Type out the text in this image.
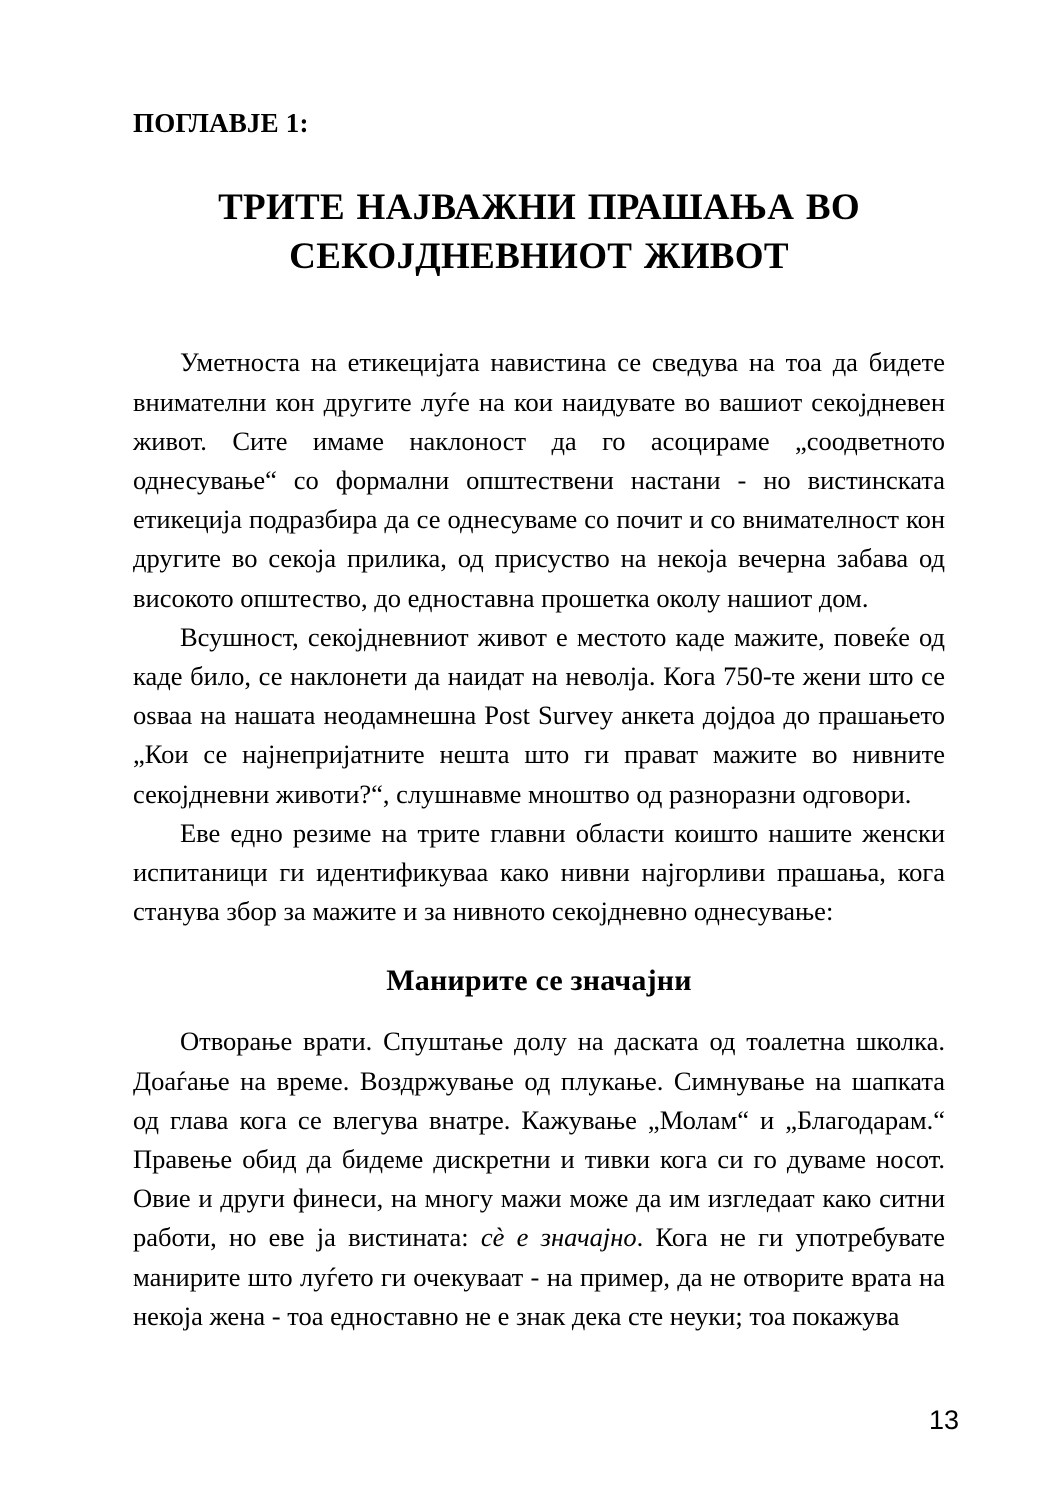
ПОГЛАВЈЕ 1:
ТРИТЕ НАЈВАЖНИ ПРАШАЊА ВО
СЕКОЈДНЕВНИОТ ЖИВОТ

Уметноста на етикецијата навистина се сведува на тоа да бидете внимателни кон другите луѓе на кои наидувате во вашиот секојдневен живот. Сите имаме наклоност да го асоцираме „соодветното однесување“ со формални општествени настани - но вистинската етикеција подразбира да се однесуваме со почит и со внимателност кон другите во секоја прилика, од присуство на некоја вечерна забава од високото општество, до едноставна прошетка околу нашиот дом.

Всушност, секојдневниот живот е местото каде мажите, повеќе од каде било, се наклонети да наидат на неволја. Кога 750-те жени што се osваа на нашата неодамнешна Post Survey анкета дојдоа до прашањето „Кои се најнепријатните нешта што ги прават мажите во нивните секојдневни животи?“, слушнавме мноштво од разноразни одговори.

Еве едно резиме на трите главни области коишто нашите женски испитаници ги идентификуваа како нивни најгорливи прашања, кога станува збор за мажите и за нивното секојдневно однесување:

Манирите се значајни

Отворање врати. Спуштање долу на даската од тоалетна школка. Доаѓање на време. Воздржување од плукање. Симнување на шапката од глава кога се влегува внатре. Кажување „Молам“ и „Благодарам.“ Правење обид да бидеме дискретни и тивки кога си го дуваме носот. Овие и други финеси, на многу мажи може да им изгледаат како ситни работи, но еве ја вистината: сѐ е значајно. Кога не ги употребувате манирите што луѓето ги очекуваат - на пример, да не отворите врата на некоја жена - тоа едноставно не е знак дека сте неуки; тоа покажува

13
